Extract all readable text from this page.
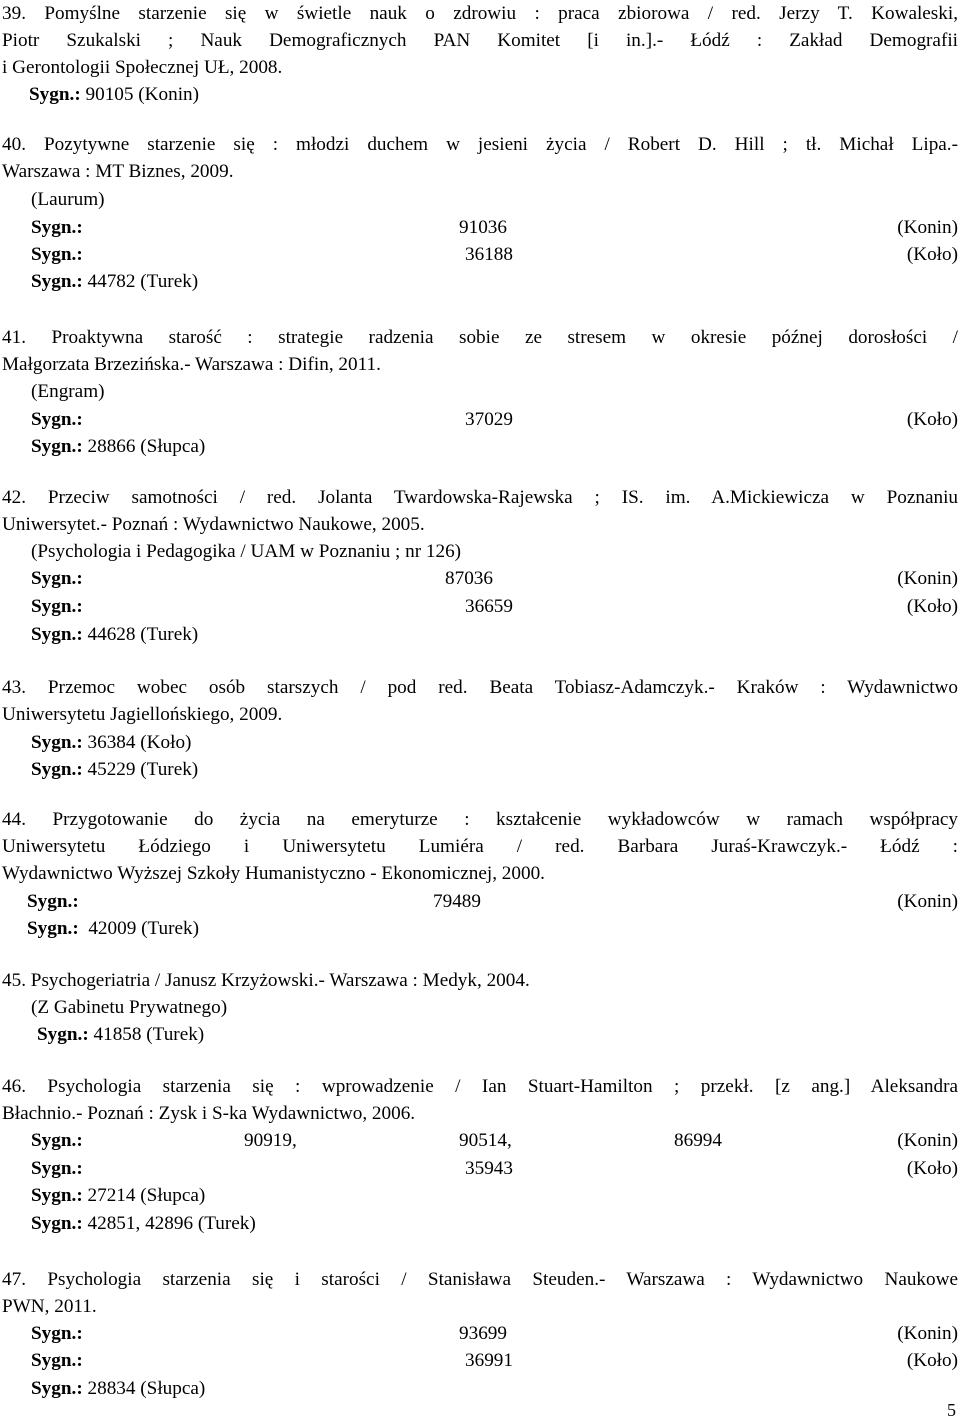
39. Pomyślne starzenie się w świetle nauk o zdrowiu : praca zbiorowa / red. Jerzy T. Kowaleski,
Piotr Szukalski ; Nauk Demograficznych PAN Komitet [i in.].- Łódź : Zakład Demografii
i Gerontologii Społecznej UŁ, 2008.
Sygn.: 90105 (Konin)
40. Pozytywne starzenie się : młodzi duchem w jesieni życia / Robert D. Hill ; tł. Michał Lipa.-
Warszawa : MT Biznes, 2009.
(Laurum)
Sygn.:	91036	(Konin)
Sygn.:	36188	(Koło)
Sygn.: 44782 (Turek)
41. Proaktywna starość : strategie radzenia sobie ze stresem w okresie późnej dorosłości /
Małgorzata Brzezińska.- Warszawa : Difin, 2011.
(Engram)
Sygn.:	37029	(Koło)
Sygn.: 28866 (Słupca)
42. Przeciw samotności / red. Jolanta Twardowska-Rajewska ; IS. im. A.Mickiewicza w Poznaniu
Uniwersytet.- Poznań : Wydawnictwo Naukowe, 2005.
(Psychologia i Pedagogika / UAM w Poznaniu ; nr 126)
Sygn.:	87036	(Konin)
Sygn.:	36659	(Koło)
Sygn.: 44628 (Turek)
43. Przemoc wobec osób starszych / pod red. Beata Tobiasz-Adamczyk.- Kraków : Wydawnictwo
Uniwersytetu Jagiellońskiego, 2009.
Sygn.: 36384 (Koło)
Sygn.: 45229 (Turek)
44. Przygotowanie do życia na emeryturze : kształcenie wykładowców w ramach współpracy
Uniwersytetu Łódziego i Uniwersytetu Lumiéra / red. Barbara Juraś-Krawczyk.- Łódź :
Wydawnictwo Wyższej Szkoły Humanistyczno - Ekonomicznej, 2000.
Sygn.:	79489	(Konin)
Sygn.:  42009 (Turek)
45. Psychogeriatria / Janusz Krzyżowski.- Warszawa : Medyk, 2004.
(Z Gabinetu Prywatnego)
Sygn.: 41858 (Turek)
46. Psychologia starzenia się : wprowadzenie / Ian Stuart-Hamilton ; przekł. [z ang.] Aleksandra
Błachnio.- Poznań : Zysk i S-ka Wydawnictwo, 2006.
Sygn.:	90919,	90514,	86994	(Konin)
Sygn.:	35943	(Koło)
Sygn.: 27214 (Słupca)
Sygn.: 42851, 42896 (Turek)
47. Psychologia starzenia się i starości / Stanisława Steuden.- Warszawa : Wydawnictwo Naukowe
PWN, 2011.
Sygn.:	93699	(Konin)
Sygn.:	36991	(Koło)
Sygn.: 28834 (Słupca)
5
